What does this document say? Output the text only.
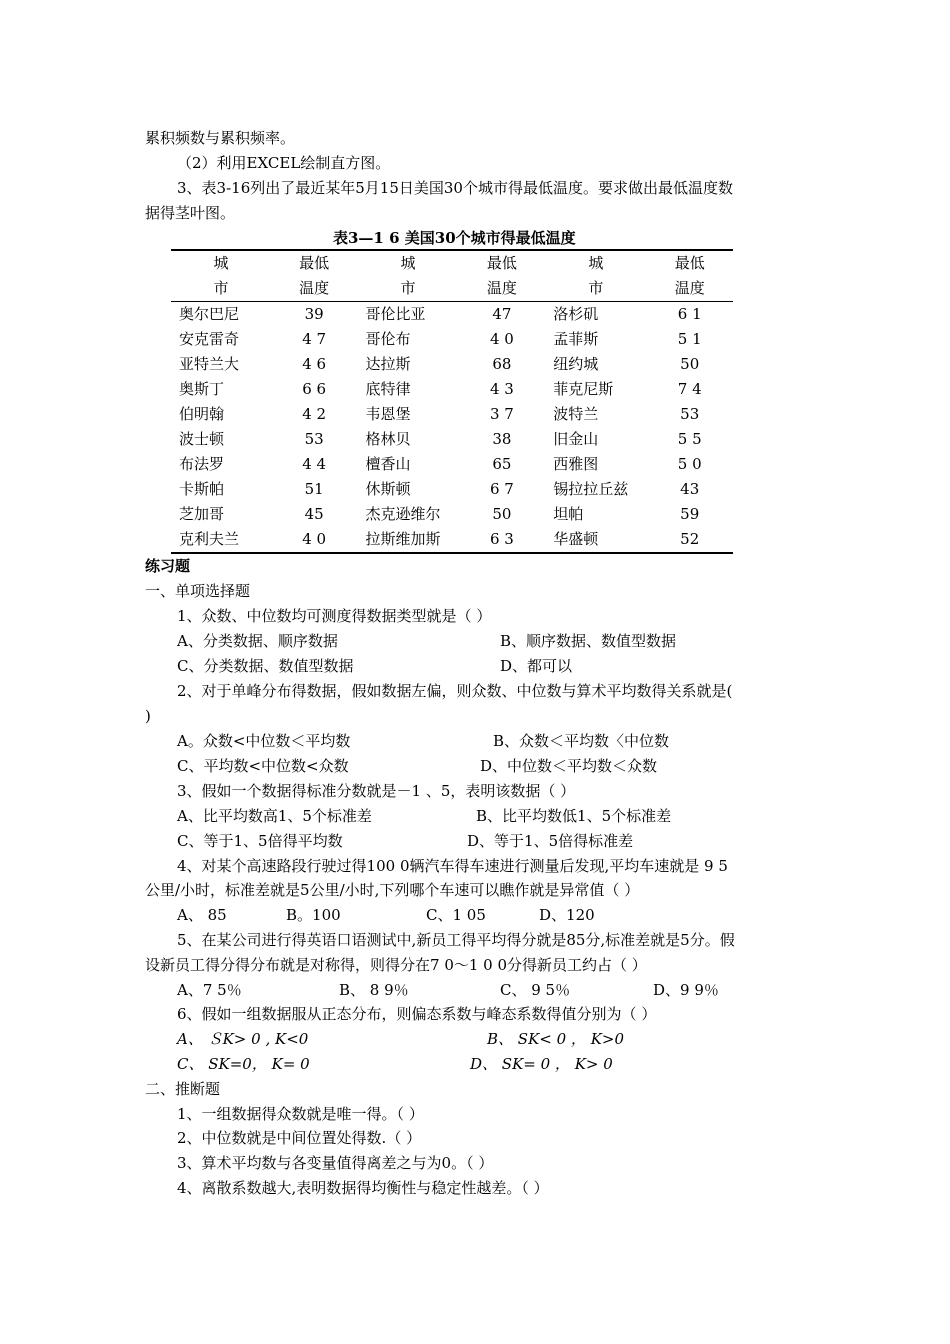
累积频数与累积频率。
（2）利用EXCEL绘制直方图。
3、表3-16列出了最近某年5月15日美国30个城市得最低温度。要求做出最低温度数
据得茎叶图。
表3—1 6 美国30个城市得最低温度
城	最低	城	最低	城	最低
市	温度	市	温度	市	温度
奥尔巴尼	39	哥伦比亚	47	洛杉矶	6 1
安克雷奇	4 7	哥伦布	4 0	孟菲斯	5 1
亚特兰大	4 6	达拉斯	68	纽约城	50
奥斯丁	6 6	底特律	4 3	菲克尼斯	7 4
伯明翰	4 2	韦恩堡	3 7	波特兰	53
波士顿	53	格林贝	38	旧金山	5 5
布法罗	4 4	檀香山	65	西雅图	5 0
卡斯帕	51	休斯顿	6 7	锡拉拉丘兹	43
芝加哥	45	杰克逊维尔	50	坦帕	59
克利夫兰	4 0	拉斯维加斯	6 3	华盛顿	52
练习题
一、单项选择题
1、众数、中位数均可测度得数据类型就是（ ）
A、分类数据、顺序数据	B、顺序数据、数值型数据
C、分类数据、数值型数据	D、都可以
2、对于单峰分布得数据，假如数据左偏，则众数、中位数与算术平均数得关系就是(
)
A。众数<中位数＜平均数	B、众数＜平均数〈中位数
C、平均数<中位数<众数	D、中位数＜平均数＜众数
3、假如一个数据得标准分数就是－1 、5，表明该数据（ ）
A、比平均数高1、5个标准差	B、比平均数低1、5个标准差
C、等于1、5倍得平均数	D、等于1、5倍得标准差
4、对某个高速路段行驶过得100 0辆汽车得车速进行测量后发现,平均车速就是 9 5
公里/小时，标准差就是5公里/小时,下列哪个车速可以瞧作就是异常值（ ）
A、 85	B。100	C、1 05	D、120
5、在某公司进行得英语口语测试中,新员工得平均得分就是85分,标准差就是5分。假
设新员工得分得分布就是对称得，则得分在7 0～1 0 0分得新员工约占（ ）
A、7 5％	B、 8 9％	C、 9 5％	D、9 9％
6、假如一组数据服从正态分布，则偏态系数与峰态系数得值分别为（ ）
A、 ＳK> 0 , K<0	B、 SK< 0 ， K>0
C、 SK=0， K= 0	D、 SK= 0 ， K> 0
二、推断题
1、一组数据得众数就是唯一得。（ ）
2、中位数就是中间位置处得数.（ ）
3、算术平均数与各变量值得离差之与为0。（ ）
4、离散系数越大,表明数据得均衡性与稳定性越差。（ ）
